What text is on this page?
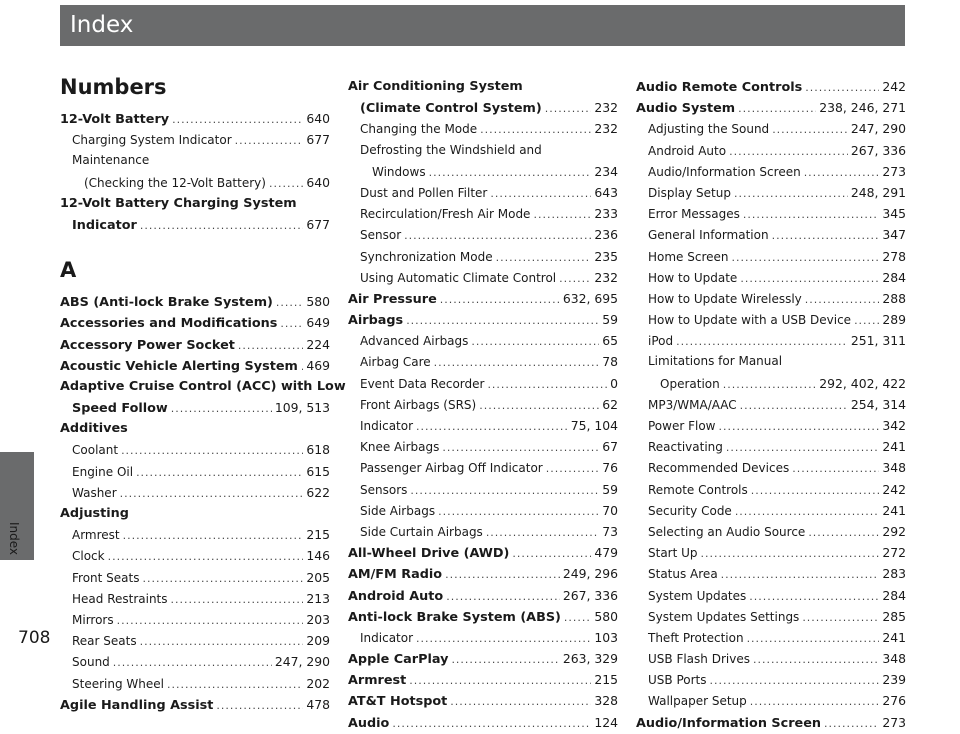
Index
Index
708
Numbers
12-Volt Battery .....	640
Charging System Indicator .....	677
Maintenance
(Checking the 12-Volt Battery) .....	640
12-Volt Battery Charging System
Indicator .....	677
A
ABS (Anti-lock Brake System) .....	580
Accessories and Modifications ..... 649
Accessory Power Socket .....	224
Acoustic Vehicle Alerting System ..... 469
Adaptive Cruise Control (ACC) with Low
Speed Follow .....	109, 513
Additives
Coolant .....	618
Engine Oil .....	615
Washer .....	622
Adjusting
Armrest .....	215
Clock .....	146
Front Seats .....	205
Head Restraints .....	213
Mirrors .....	203
Rear Seats .....	209
Sound .....	247, 290
Steering Wheel .....	202
Agile Handling Assist .....	478
Air Conditioning System
(Climate Control System) .....	232
Changing the Mode .....	232
Defrosting the Windshield and
Windows .....	234
Dust and Pollen Filter .....	643
Recirculation/Fresh Air Mode .....	233
Sensor .....	236
Synchronization Mode .....	235
Using Automatic Climate Control .....	232
Air Pressure .....	632, 695
Airbags .....	59
Advanced Airbags .....	65
Airbag Care .....	78
Event Data Recorder .....	0
Front Airbags (SRS) .....	62
Indicator .....	75, 104
Knee Airbags .....	67
Passenger Airbag Off Indicator .....	76
Sensors .....	59
Side Airbags .....	70
Side Curtain Airbags .....	73
All-Wheel Drive (AWD) .....	479
AM/FM Radio .....	249, 296
Android Auto .....	267, 336
Anti-lock Brake System (ABS) .....	580
Indicator .....	103
Apple CarPlay .....	263, 329
Armrest .....	215
AT&T Hotspot .....	328
Audio .....	124
Audio Remote Controls .....	242
Audio System .....	238, 246, 271
Adjusting the Sound .....	247, 290
Android Auto .....	267, 336
Audio/Information Screen .....	273
Display Setup .....	248, 291
Error Messages .....	345
General Information .....	347
Home Screen .....	278
How to Update .....	284
How to Update Wirelessly .....	288
How to Update with a USB Device .....	289
iPod .....	251, 311
Limitations for Manual
Operation .....	292, 402, 422
MP3/WMA/AAC .....	254, 314
Power Flow .....	342
Reactivating .....	241
Recommended Devices .....	348
Remote Controls .....	242
Security Code .....	241
Selecting an Audio Source .....	292
Start Up .....	272
Status Area .....	283
System Updates .....	284
System Updates Settings .....	285
Theft Protection .....	241
USB Flash Drives .....	348
USB Ports .....	239
Wallpaper Setup .....	276
Audio/Information Screen .....	273
